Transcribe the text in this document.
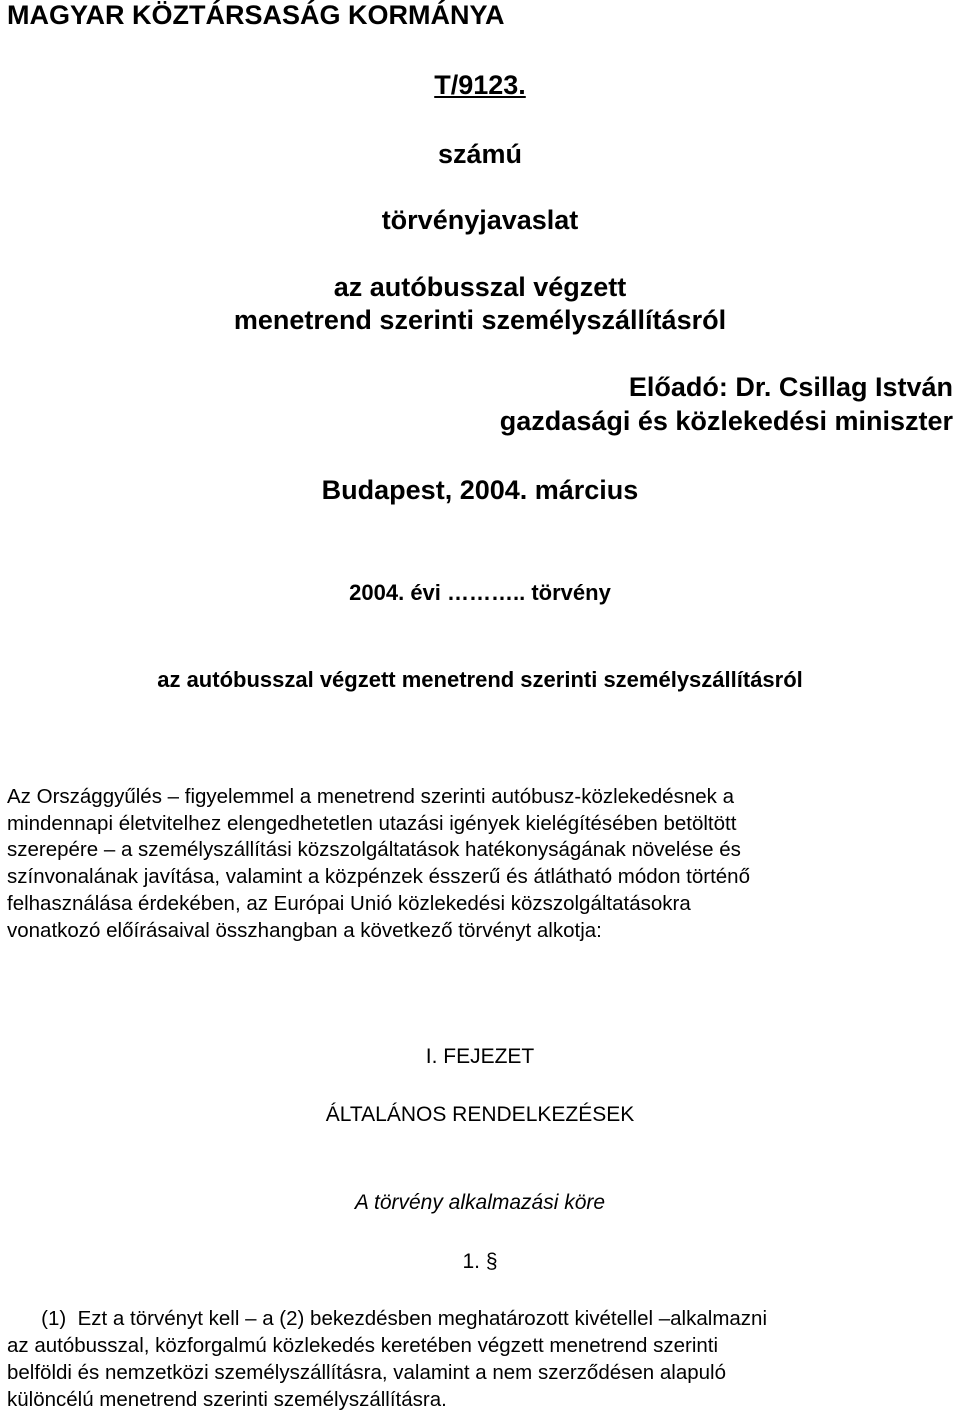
MAGYAR KÖZTÁRSASÁG KORMÁNYA
T/9123.
számú
törvényjavaslat
az autóbusszal végzett
menetrend szerinti személyszállításról
Előadó: Dr. Csillag István
gazdasági és közlekedési miniszter
Budapest, 2004. március
2004. évi ……….. törvény
az autóbusszal végzett menetrend szerinti személyszállításról
Az Országgyűlés – figyelemmel a menetrend szerinti autóbusz-közlekedésnek a
mindennapi életvitelhez elengedhetetlen utazási igények kielégítésében betöltött
szerepére – a személyszállítási közszolgáltatások hatékonyságának növelése és
színvonalának javítása, valamint a közpénzek ésszerű és átlátható módon történő
felhasználása érdekében, az Európai Unió közlekedési közszolgáltatásokra
vonatkozó előírásaival összhangban a következő törvényt alkotja:
I. FEJEZET
ÁLTALÁNOS RENDELKEZÉSEK
A törvény alkalmazási köre
1. §
(1)  Ezt a törvényt kell – a (2) bekezdésben meghatározott kivétellel –alkalmazni
az autóbusszal, közforgalmú közlekedés keretében végzett menetrend szerinti
belföldi és nemzetközi személyszállításra, valamint a nem szerződésen alapuló
különcélú menetrend szerinti személyszállításra.
